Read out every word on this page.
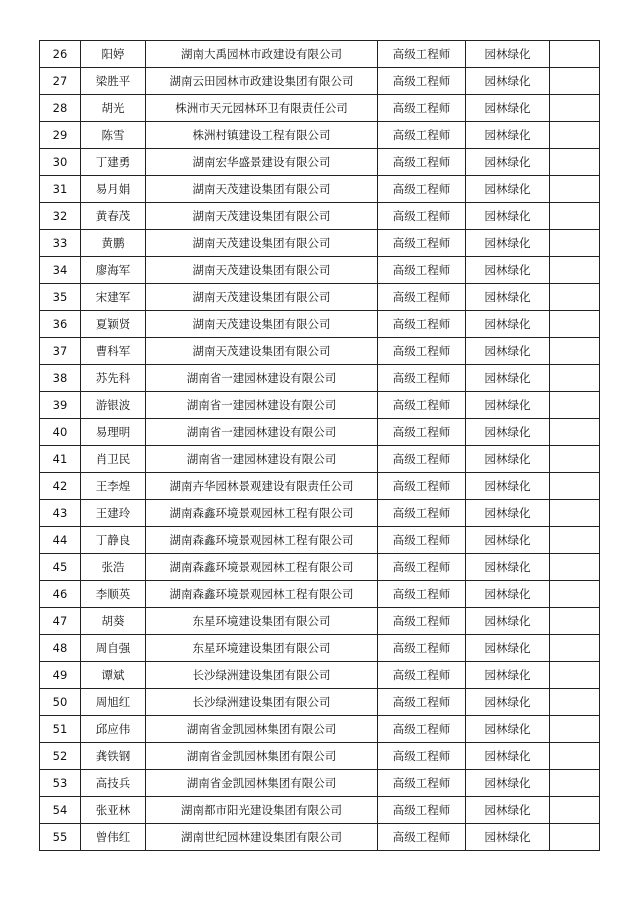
26	阳婷	湖南大禹园林市政建设有限公司	高级工程师	园林绿化	
27	梁胜平	湖南云田园林市政建设集团有限公司	高级工程师	园林绿化	
28	胡光	株洲市天元园林环卫有限责任公司	高级工程师	园林绿化	
29	陈雪	株洲村镇建设工程有限公司	高级工程师	园林绿化	
30	丁建勇	湖南宏华盛景建设有限公司	高级工程师	园林绿化	
31	易月娟	湖南天茂建设集团有限公司	高级工程师	园林绿化	
32	黄春茂	湖南天茂建设集团有限公司	高级工程师	园林绿化	
33	黄鹏	湖南天茂建设集团有限公司	高级工程师	园林绿化	
34	廖海军	湖南天茂建设集团有限公司	高级工程师	园林绿化	
35	宋建军	湖南天茂建设集团有限公司	高级工程师	园林绿化	
36	夏颖贤	湖南天茂建设集团有限公司	高级工程师	园林绿化	
37	曹科军	湖南天茂建设集团有限公司	高级工程师	园林绿化	
38	苏先科	湖南省一建园林建设有限公司	高级工程师	园林绿化	
39	游银波	湖南省一建园林建设有限公司	高级工程师	园林绿化	
40	易理明	湖南省一建园林建设有限公司	高级工程师	园林绿化	
41	肖卫民	湖南省一建园林建设有限公司	高级工程师	园林绿化	
42	王李煌	湖南卉华园林景观建设有限责任公司	高级工程师	园林绿化	
43	王建玲	湖南森鑫环境景观园林工程有限公司	高级工程师	园林绿化	
44	丁静良	湖南森鑫环境景观园林工程有限公司	高级工程师	园林绿化	
45	张浩	湖南森鑫环境景观园林工程有限公司	高级工程师	园林绿化	
46	李顺英	湖南森鑫环境景观园林工程有限公司	高级工程师	园林绿化	
47	胡葵	东星环境建设集团有限公司	高级工程师	园林绿化	
48	周自强	东星环境建设集团有限公司	高级工程师	园林绿化	
49	谭斌	长沙绿洲建设集团有限公司	高级工程师	园林绿化	
50	周旭红	长沙绿洲建设集团有限公司	高级工程师	园林绿化	
51	邱应伟	湖南省金凯园林集团有限公司	高级工程师	园林绿化	
52	龚铁钢	湖南省金凯园林集团有限公司	高级工程师	园林绿化	
53	高技兵	湖南省金凯园林集团有限公司	高级工程师	园林绿化	
54	张亚林	湖南都市阳光建设集团有限公司	高级工程师	园林绿化	
55	曾伟红	湖南世纪园林建设集团有限公司	高级工程师	园林绿化	
